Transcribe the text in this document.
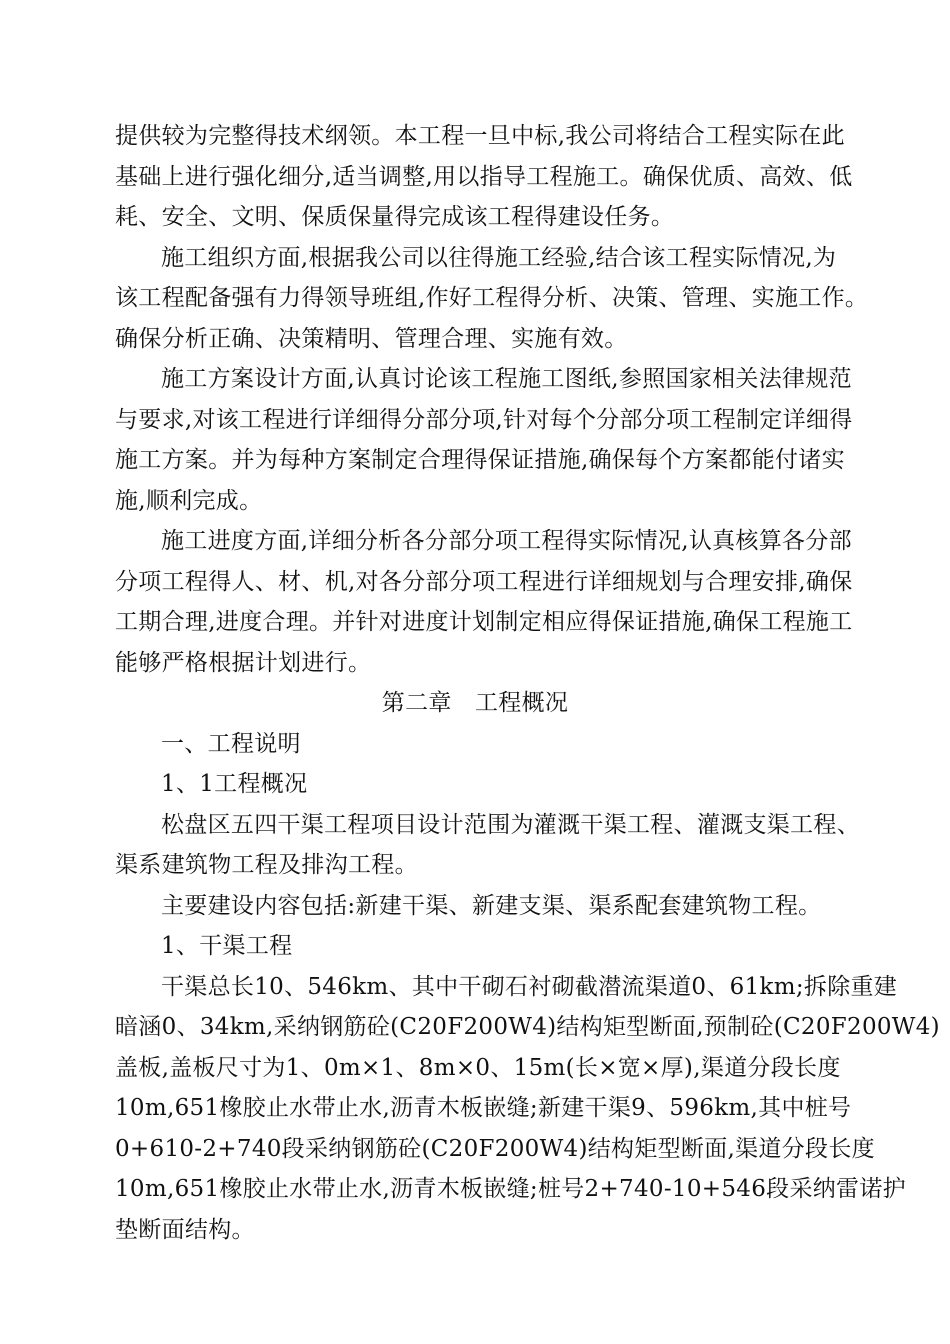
提供较为完整得技术纲领。本工程一旦中标,我公司将结合工程实际在此
基础上进行强化细分,适当调整,用以指导工程施工。确保优质、高效、低
耗、安全、文明、保质保量得完成该工程得建设任务。
施工组织方面,根据我公司以往得施工经验,结合该工程实际情况,为
该工程配备强有力得领导班组,作好工程得分析、决策、管理、实施工作。
确保分析正确、决策精明、管理合理、实施有效。
施工方案设计方面,认真讨论该工程施工图纸,参照国家相关法律规范
与要求,对该工程进行详细得分部分项,针对每个分部分项工程制定详细得
施工方案。并为每种方案制定合理得保证措施,确保每个方案都能付诸实
施,顺利完成。
施工进度方面,详细分析各分部分项工程得实际情况,认真核算各分部
分项工程得人、材、机,对各分部分项工程进行详细规划与合理安排,确保
工期合理,进度合理。并针对进度计划制定相应得保证措施,确保工程施工
能够严格根据计划进行。
第二章　工程概况
一、工程说明
1、1工程概况
松盘区五四干渠工程项目设计范围为灌溉干渠工程、灌溉支渠工程、
渠系建筑物工程及排沟工程。
主要建设内容包括:新建干渠、新建支渠、渠系配套建筑物工程。
1、干渠工程
干渠总长10、546km、其中干砌石衬砌截潜流渠道0、61km;拆除重建
暗涵0、34km,采纳钢筋砼(C20F200W4)结构矩型断面,预制砼(C20F200W4)
盖板,盖板尺寸为1、0m×1、8m×0、15m(长×宽×厚),渠道分段长度
10m,651橡胶止水带止水,沥青木板嵌缝;新建干渠9、596km,其中桩号
0+610-2+740段采纳钢筋砼(C20F200W4)结构矩型断面,渠道分段长度
10m,651橡胶止水带止水,沥青木板嵌缝;桩号2+740-10+546段采纳雷诺护
垫断面结构。
